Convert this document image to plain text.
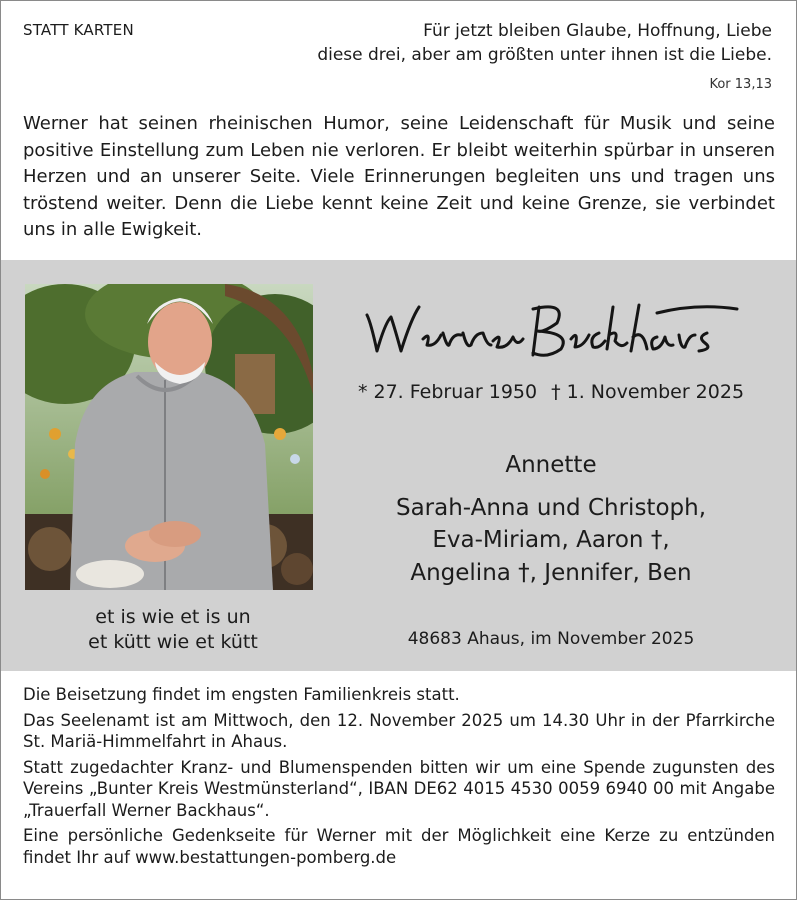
STATT KARTEN	Für jetzt bleiben Glaube, Hoffnung, Liebe
diese drei, aber am größten unter ihnen ist die Liebe.
Kor 13,13
Werner hat seinen rheinischen Humor, seine Leidenschaft für Musik und seine positive Einstellung zum Leben nie verloren. Er bleibt weiterhin spürbar in unseren Herzen und an unserer Seite. Viele Erinnerungen begleiten uns und tragen uns tröstend weiter. Denn die Liebe kennt keine Zeit und keine Grenze, sie verbindet uns in alle Ewigkeit.
* 27. Februar 1950 † 1. November 2025
Annette
Sarah-Anna und Christoph,
Eva-Miriam, Aaron †,
Angelina †, Jennifer, Ben
et is wie et is un
et kütt wie et kütt	48683 Ahaus, im November 2025

Die Beisetzung findet im engsten Familienkreis statt.

Das Seelenamt ist am Mittwoch, den 12. November 2025 um 14.30 Uhr in der Pfarrkirche St. Mariä-Himmelfahrt in Ahaus.

Statt zugedachter Kranz- und Blumenspenden bitten wir um eine Spende zugunsten des Vereins „Bunter Kreis Westmünsterland“, IBAN DE62 4015 4530 0059 6940 00 mit Angabe „Trauerfall Werner Backhaus“.

Eine persönliche Gedenkseite für Werner mit der Möglichkeit eine Kerze zu entzünden findet Ihr auf www.bestattungen-pomberg.de
